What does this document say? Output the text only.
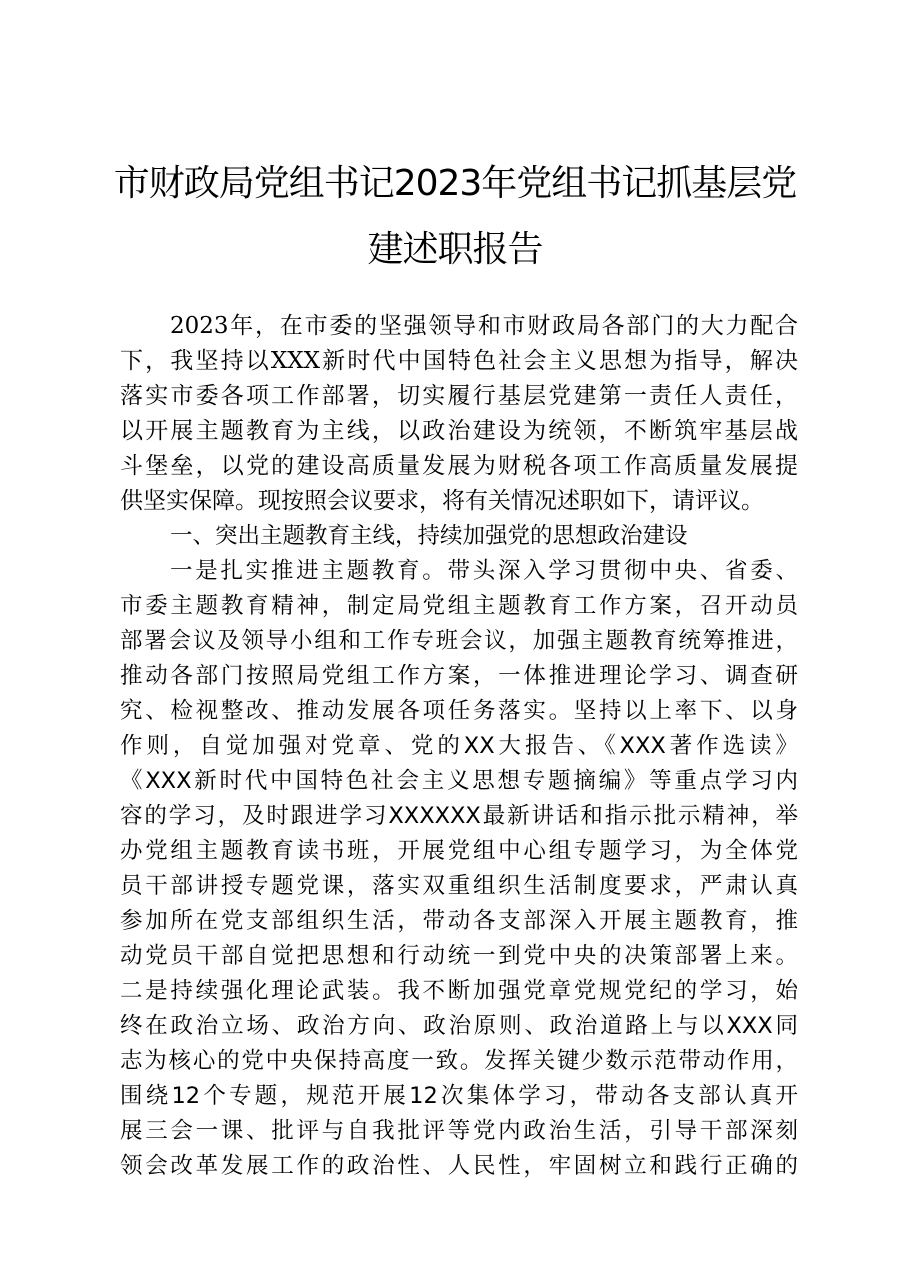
市财政局党组书记2023年党组书记抓基层党
建述职报告
2023年，在市委的坚强领导和市财政局各部门的大力配合
下，我坚持以XXX新时代中国特色社会主义思想为指导，解决
落实市委各项工作部署，切实履行基层党建第一责任人责任，
以开展主题教育为主线，以政治建设为统领，不断筑牢基层战
斗堡垒，以党的建设高质量发展为财税各项工作高质量发展提
供坚实保障。现按照会议要求，将有关情况述职如下，请评议。
一、突出主题教育主线，持续加强党的思想政治建设
一是扎实推进主题教育。带头深入学习贯彻中央、省委、
市委主题教育精神，制定局党组主题教育工作方案，召开动员
部署会议及领导小组和工作专班会议，加强主题教育统筹推进，
推动各部门按照局党组工作方案，一体推进理论学习、调查研
究、检视整改、推动发展各项任务落实。坚持以上率下、以身
作则，自觉加强对党章、党的XX大报告、《XXX著作选读》
《XXX新时代中国特色社会主义思想专题摘编》等重点学习内
容的学习，及时跟进学习XXXXXX最新讲话和指示批示精神，举
办党组主题教育读书班，开展党组中心组专题学习，为全体党
员干部讲授专题党课，落实双重组织生活制度要求，严肃认真
参加所在党支部组织生活，带动各支部深入开展主题教育，推
动党员干部自觉把思想和行动统一到党中央的决策部署上来。
二是持续强化理论武装。我不断加强党章党规党纪的学习，始
终在政治立场、政治方向、政治原则、政治道路上与以XXX同
志为核心的党中央保持高度一致。发挥关键少数示范带动作用，
围绕12个专题，规范开展12次集体学习，带动各支部认真开
展三会一课、批评与自我批评等党内政治生活，引导干部深刻
领会改革发展工作的政治性、人民性，牢固树立和践行正确的
